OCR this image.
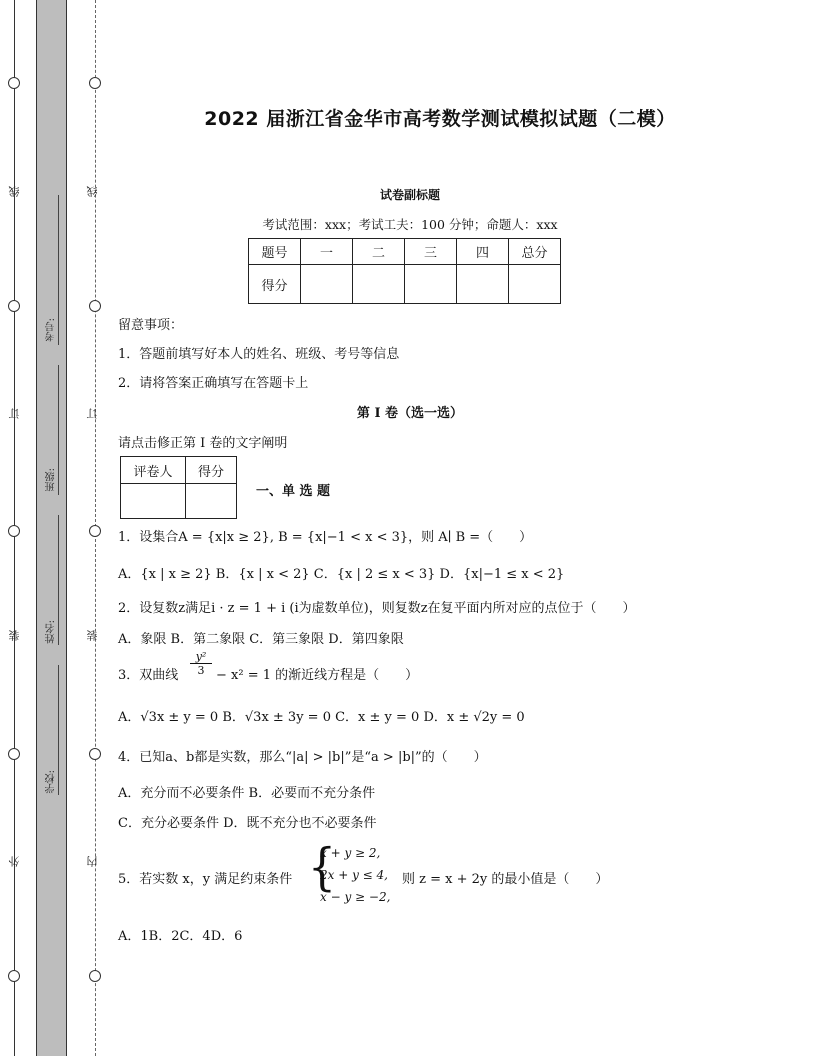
线
订
装
外
线
订
装
内
考号:
班级:
姓名:
学校:
2022 届浙江省金华市高考数学测试模拟试题（二模）
试卷副标题
考试范围：xxx；考试工夫：100 分钟；命题人：xxx
题号	一	二	三	四	总分
得分					
留意事项：
1．答题前填写好本人的姓名、班级、考号等信息
2．请将答案正确填写在答题卡上
第 I 卷（选一选）
请点击修正第 I 卷的文字阐明
评卷人	得分

一、单 选 题
1．设集合A = {x|x ≥ 2}, B = {x|−1 < x < 3}，则 A∣ B =（　　）
A．{x | x ≥ 2} B．{x | x < 2} C．{x | 2 ≤ x < 3} D．{x|−1 ≤ x < 2}
2．设复数z满足i · z = 1 + i (i为虚数单位)，则复数z在复平面内所对应的点位于（　　）
A．象限 B．第二象限 C．第三象限 D．第四象限
3．双曲线 $\frac{\text{y²}}{3} - x^2 = 1$ 的渐近线方程是（　　）
A．√3x ± y = 0 B．√3x ± 3y = 0 C．x ± y = 0 D．x ± √2y = 0
4．已知a、b都是实数，那么“|a| > |b|”是“a > |b|”的（　　）
A．充分而不必要条件 B．必要而不充分条件
C．充分必要条件 D．既不充分也不必要条件
5．若实数 x，y 满足约束条件 {
x + y ≥ 2,
2x + y ≤ 4,
x − y ≥ −2,
则 z = x + 2y 的最小值是（　　）
A．1B．2C．4D．6
